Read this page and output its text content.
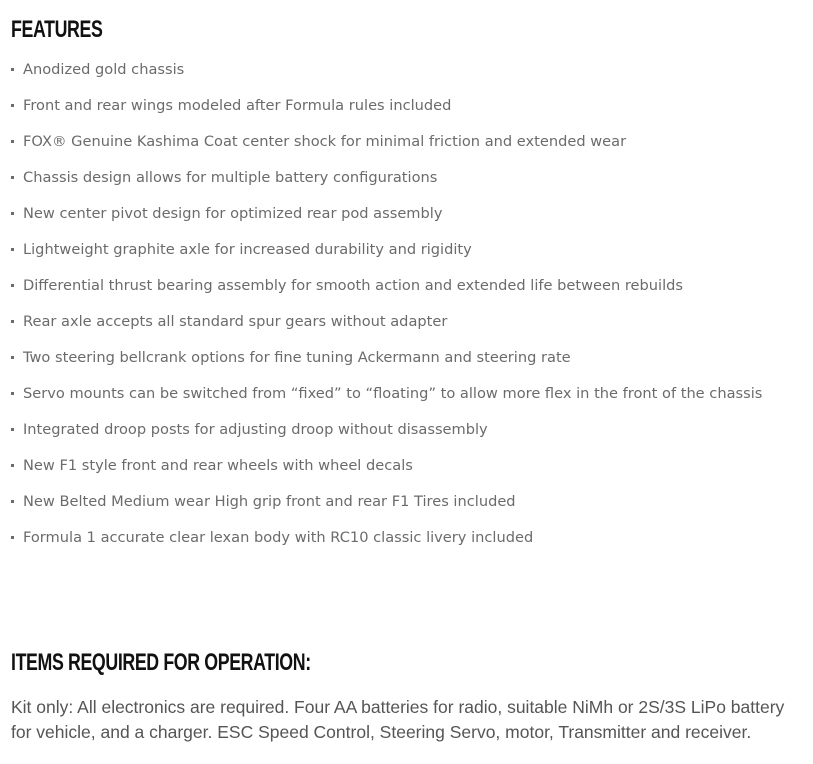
FEATURES
Anodized gold chassis
Front and rear wings modeled after Formula rules included
FOX® Genuine Kashima Coat center shock for minimal friction and extended wear
Chassis design allows for multiple battery configurations
New center pivot design for optimized rear pod assembly
Lightweight graphite axle for increased durability and rigidity
Differential thrust bearing assembly for smooth action and extended life between rebuilds
Rear axle accepts all standard spur gears without adapter
Two steering bellcrank options for fine tuning Ackermann and steering rate
Servo mounts can be switched from “fixed” to “floating” to allow more flex in the front of the chassis
Integrated droop posts for adjusting droop without disassembly
New F1 style front and rear wheels with wheel decals
New Belted Medium wear High grip front and rear F1 Tires included
Formula 1 accurate clear lexan body with RC10 classic livery included
ITEMS REQUIRED FOR OPERATION:

Kit only: All electronics are required. Four AA batteries for radio, suitable NiMh or 2S/3S LiPo battery for vehicle, and a charger. ESC Speed Control, Steering Servo, motor, Transmitter and receiver.
